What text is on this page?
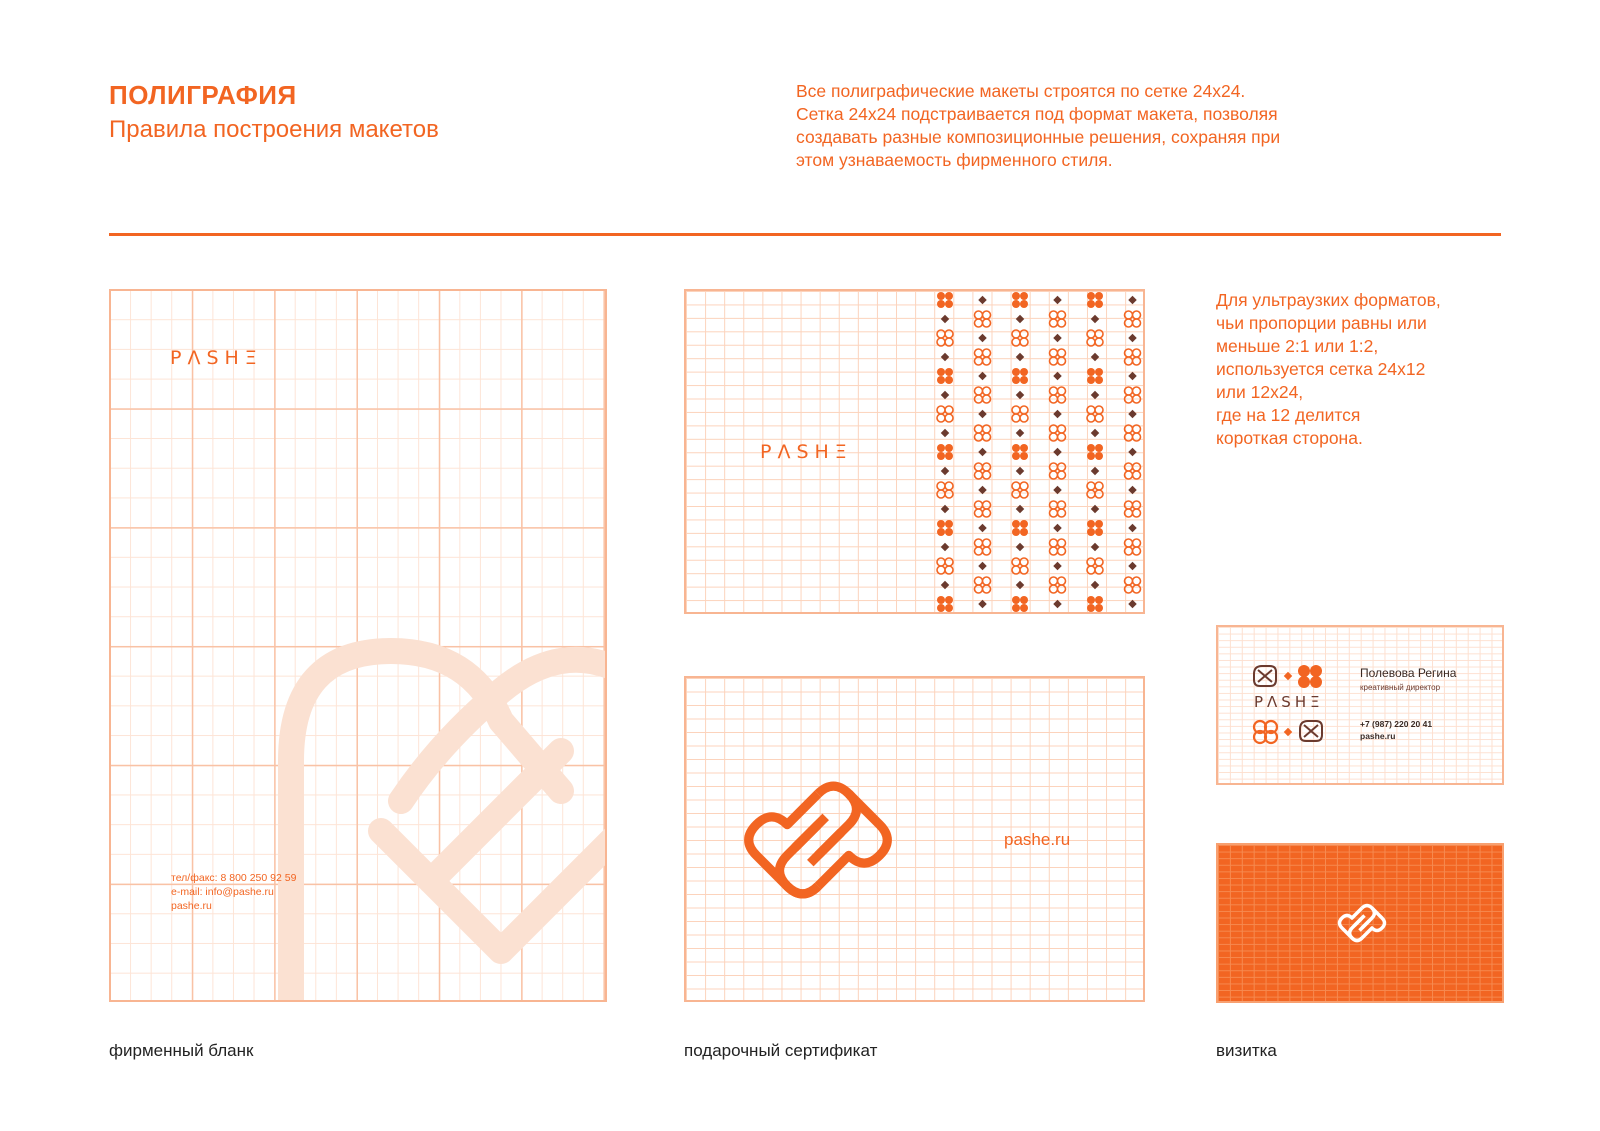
ПОЛИГРАФИЯ
Правила построения макетов

Все полиграфические макеты строятся по сетке 24х24.
Сетка 24х24 подстраивается под формат макета, позволяя
создавать разные композиционные решения, сохраняя при
этом узнаваемость фирменного стиля.

PΛSHΞ
тел/факс: 8 800 250 92 59
e-mail: info@pashe.ru
pashe.ru
PΛSHΞ
pashe.ru

Для ультраузких форматов,
чьи пропорции равны или
меньше 2:1 или 1:2,
используется сетка 24х12
или 12х24,
где на 12 делится
короткая сторона.

PΛSHΞ
Полевова Регина
креативный директор
+7 (987) 220 20 41
pashe.ru

фирменный бланк	подарочный сертификат	визитка
